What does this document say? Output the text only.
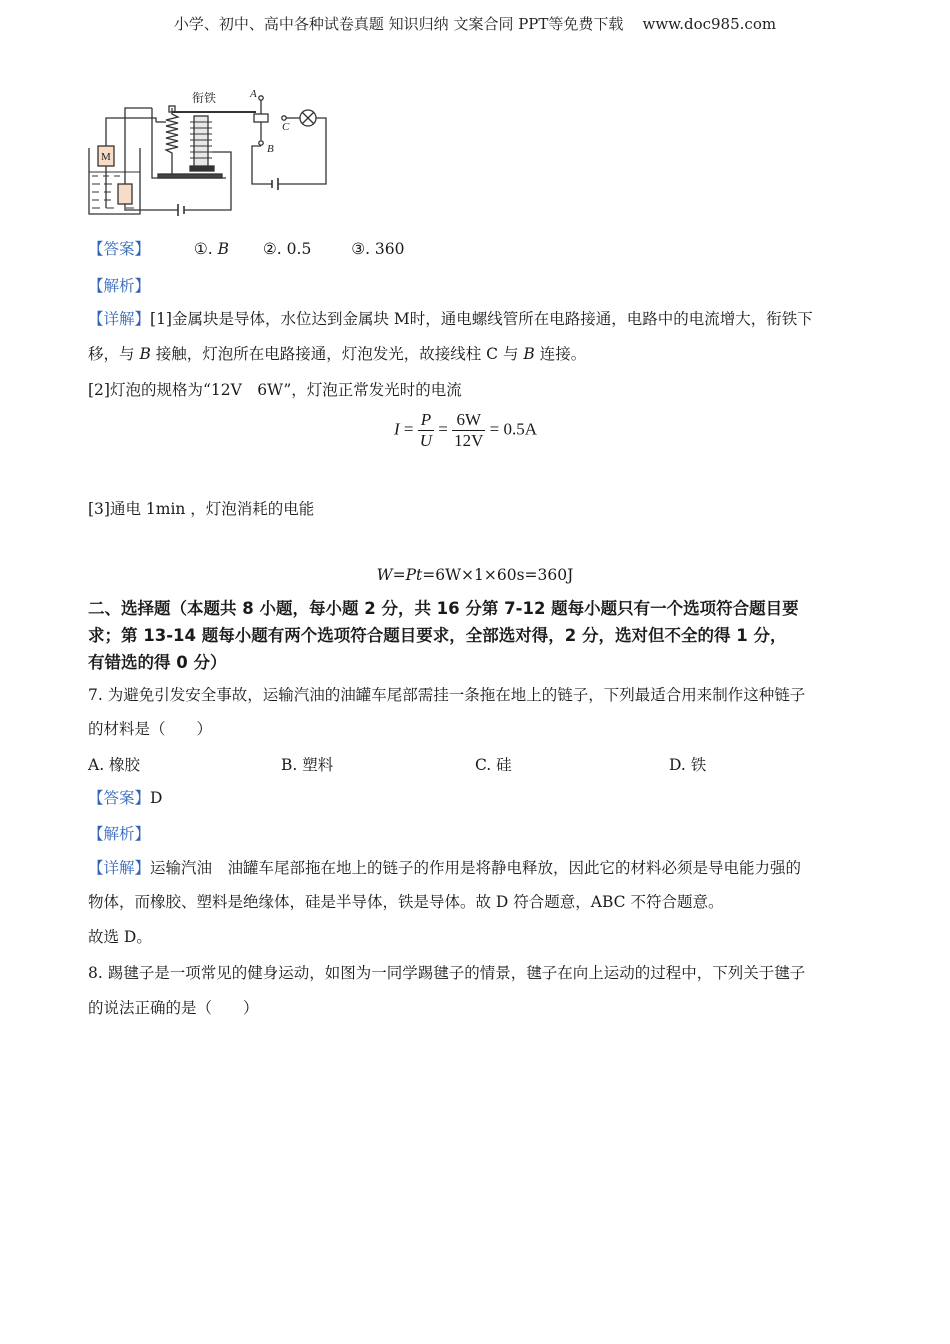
小学、初中、高中各种试卷真题 知识归纳 文案合同 PPT等免费下载    www.doc985.com
衔铁	A
B
C
M
【答案】	①. B ②. 0.5	③. 360
【解析】
【详解】[1]金属块是导体，水位达到金属块 M时，通电螺线管所在电路接通，电路中的电流增大，衔铁下
移，与 B 接触，灯泡所在电路接通，灯泡发光，故接线柱 C 与 B 连接。
[2]灯泡的规格为“12V　6W”，灯泡正常发光时的电流
$I = \frac{P}{U} = \frac{6W}{12V} = 0.5A$
[3]通电 1min ，灯泡消耗的电能
W=Pt=6W×1×60s=360J
二、选择题（本题共 8 小题，每小题 2 分，共 16 分第 7-12 题每小题只有一个选项符合题目要
求；第 13-14 题每小题有两个选项符合题目要求，全部选对得，2 分，选对但不全的得 1 分，
有错选的得 0 分）
7. 为避免引发安全事故，运输汽油的油罐车尾部需挂一条拖在地上的链子，下列最适合用来制作这种链子
的材料是（　　）
A. 橡胶	B. 塑料	C. 硅	D. 铁
【答案】D
【解析】
【详解】运输汽油　油罐车尾部拖在地上的链子的作用是将静电释放，因此它的材料必须是导电能力强的
物体，而橡胶、塑料是绝缘体，硅是半导体，铁是导体。故 D 符合题意，ABC 不符合题意。
故选 D。
8. 踢毽子是一项常见的健身运动，如图为一同学踢毽子的情景，毽子在向上运动的过程中，下列关于毽子
的说法正确的是（　　）
